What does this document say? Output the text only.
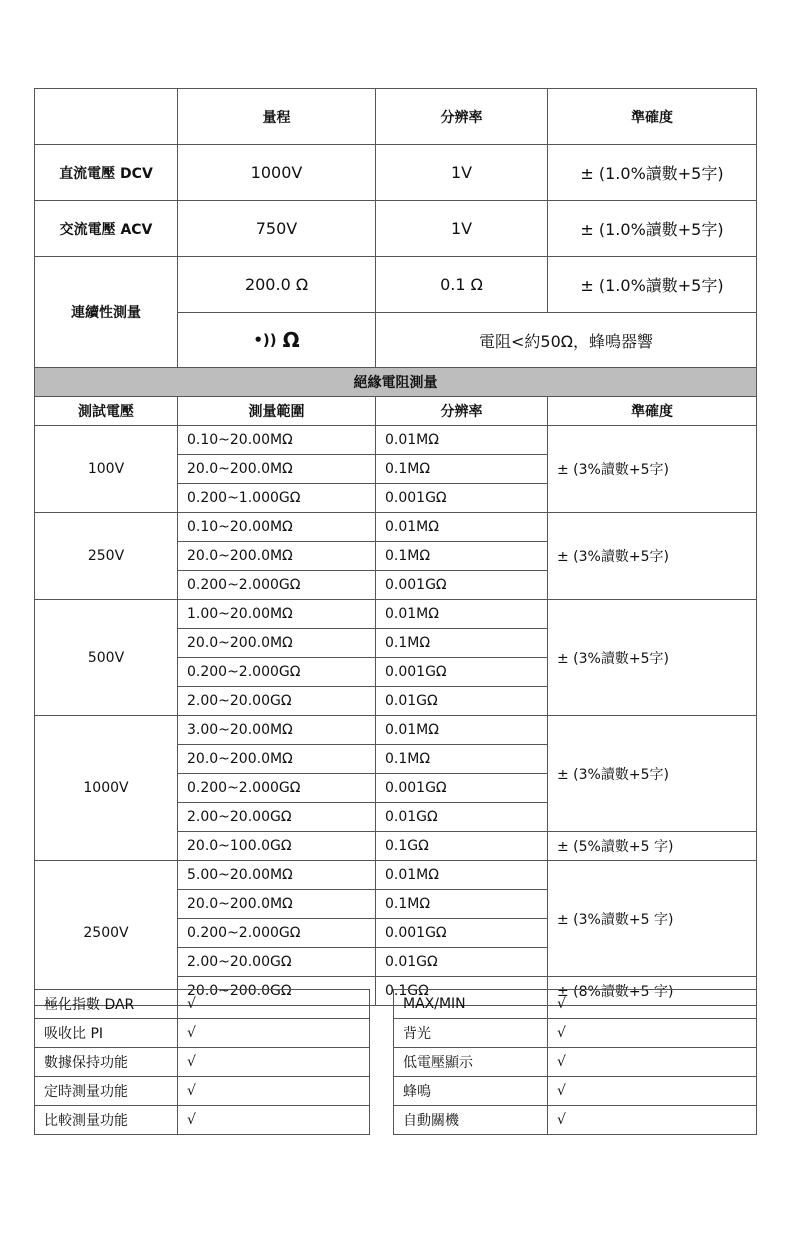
	量程	分辨率	準確度
直流電壓 DCV	1000V	1V	± (1.0%讀數+5字)
交流電壓 ACV	750V	1V	± (1.0%讀數+5字)
連續性測量	200.0 Ω	0.1 Ω	± (1.0%讀數+5字)

	•)) Ω	電阻<約50Ω，蜂鳴器響	
絕緣電阻測量			
測試電壓	測量範圍	分辨率	準確度
100V	0.10~20.00MΩ	0.01MΩ	± (3%讀數+5字)
	20.0~200.0MΩ	0.1MΩ	
	0.200~1.000GΩ	0.001GΩ	
250V	0.10~20.00MΩ	0.01MΩ	± (3%讀數+5字)
	20.0~200.0MΩ	0.1MΩ	
	0.200~2.000GΩ	0.001GΩ	
500V	1.00~20.00MΩ	0.01MΩ	± (3%讀數+5字)
	20.0~200.0MΩ	0.1MΩ	
	0.200~2.000GΩ	0.001GΩ	
	2.00~20.00GΩ	0.01GΩ	
1000V	3.00~20.00MΩ	0.01MΩ	± (3%讀數+5字)
	20.0~200.0MΩ	0.1MΩ	
	0.200~2.000GΩ	0.001GΩ	
	2.00~20.00GΩ	0.01GΩ	
	20.0~100.0GΩ	0.1GΩ	± (5%讀數+5 字)
2500V	5.00~20.00MΩ	0.01MΩ	± (3%讀數+5 字)
	20.0~200.0MΩ	0.1MΩ	
	0.200~2.000GΩ	0.001GΩ	
	2.00~20.00GΩ	0.01GΩ	
	20.0~200.0GΩ	0.1GΩ	± (8%讀數+5 字)
極化指數 DAR	√		MAX/MIN	√
吸收比 PI	√		背光	√
數據保持功能	√		低電壓顯示	√
定時測量功能	√		蜂鳴	√
比較測量功能	√		自動關機	√
